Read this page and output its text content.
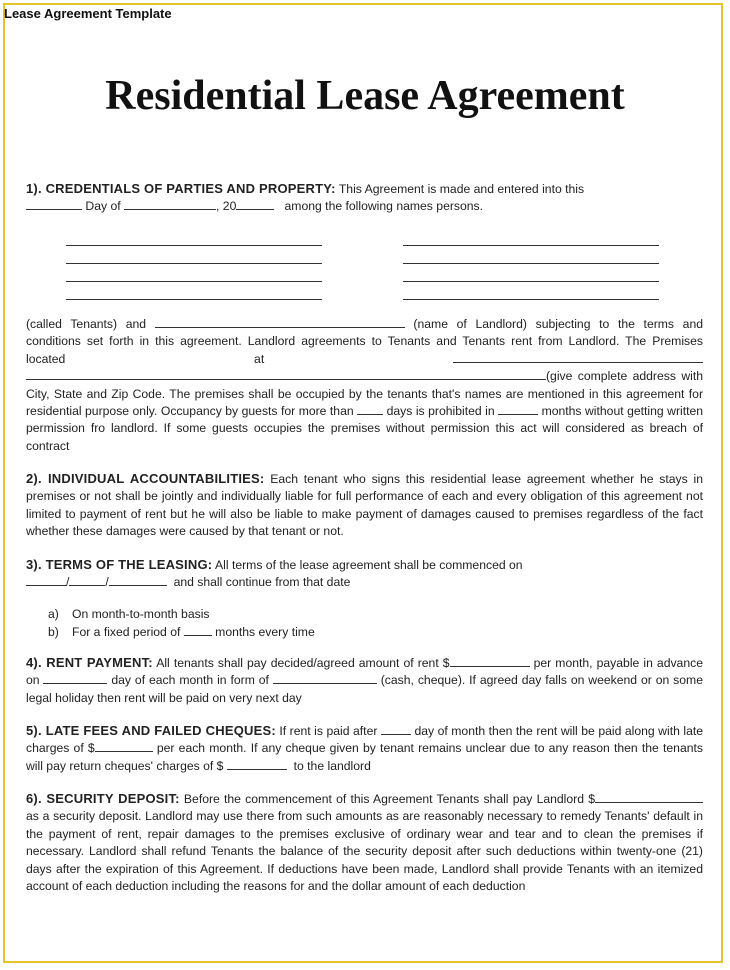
Lease Agreement Template
Residential Lease Agreement
1). CREDENTIALS OF PARTIES AND PROPERTY: This Agreement is made and entered into this
Day of	, 20	among the following names persons.
(called Tenants) and	(name of Landlord) subjecting to the terms and conditions set forth in this agreement. Landlord agreements to Tenants and Tenants rent from Landlord. The Premises located at  (give complete address with City, State and Zip Code. The premises shall be occupied by the tenants that's names are mentioned in this agreement for residential purpose only. Occupancy by guests for more than	days is prohibited in	months without getting written permission fro landlord. If some guests occupies the premises without permission this act will considered as breach of contract
2). INDIVIDUAL ACCOUNTABILITIES: Each tenant who signs this residential lease agreement whether he stays in premises or not shall be jointly and individually liable for full performance of each and every obligation of this agreement not limited to payment of rent but he will also be liable to make payment of damages caused to premises regardless of the fact whether these damages were caused by that tenant or not.
3). TERMS OF THE LEASING: All terms of the lease agreement shall be commenced on
/	/	and shall continue from that date
a) On month-to-month basis
b) For a fixed period of	months every time
4). RENT PAYMENT: All tenants shall pay decided/agreed amount of rent $	per month, payable in advance on	day of each month in form of	(cash, cheque). If agreed day falls on weekend or on some legal holiday then rent will be paid on very next day
5). LATE FEES AND FAILED CHEQUES: If rent is paid after	day of month then the rent will be paid along with late charges of $	per each month. If any cheque given by tenant remains unclear due to any reason then the tenants will pay return cheques' charges of $	to the landlord
6). SECURITY DEPOSIT: Before the commencement of this Agreement Tenants shall pay Landlord $ as a security deposit. Landlord may use there from such amounts as are reasonably necessary to remedy Tenants' default in the payment of rent, repair damages to the premises exclusive of ordinary wear and tear and to clean the premises if necessary. Landlord shall refund Tenants the balance of the security deposit after such deductions within twenty-one (21) days after the expiration of this Agreement. If deductions have been made, Landlord shall provide Tenants with an itemized account of each deduction including the reasons for and the dollar amount of each deduction
